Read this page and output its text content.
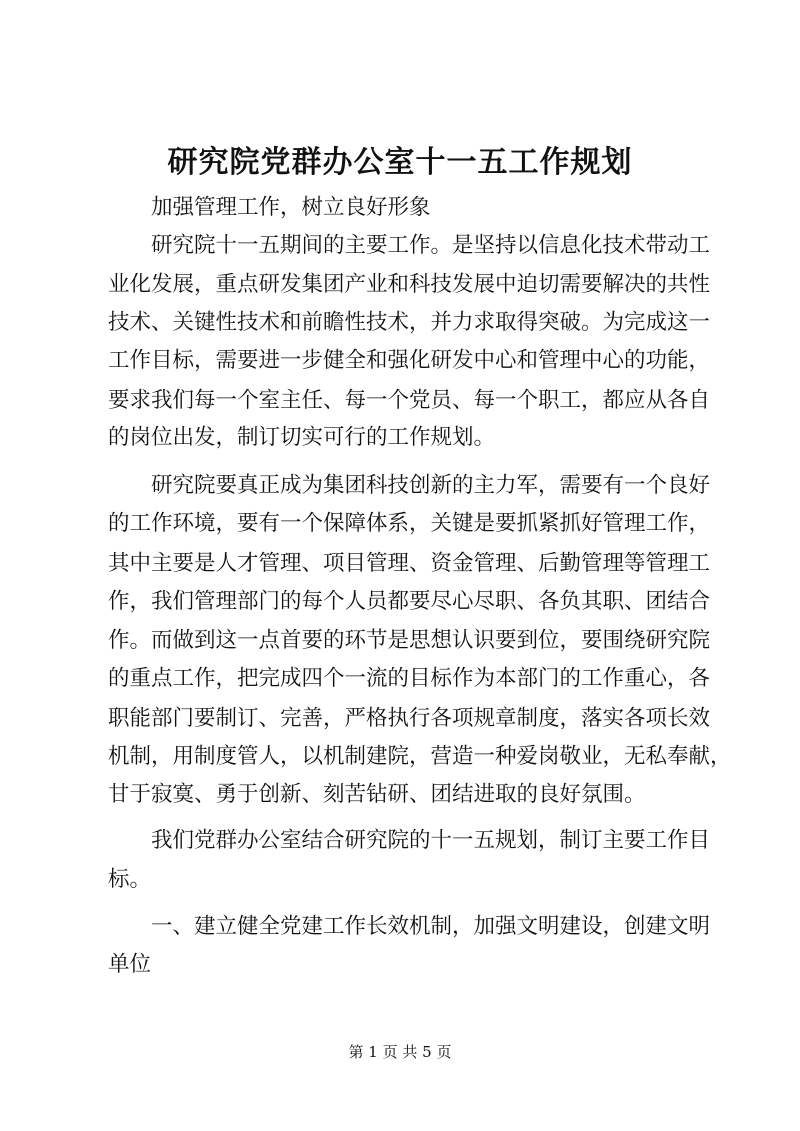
研究院党群办公室十一五工作规划
　　加强管理工作，树立良好形象
　　研究院十一五期间的主要工作。是坚持以信息化技术带动工
业化发展，重点研发集团产业和科技发展中迫切需要解决的共性
技术、关键性技术和前瞻性技术，并力求取得突破。为完成这一
工作目标，需要进一步健全和强化研发中心和管理中心的功能，
要求我们每一个室主任、每一个党员、每一个职工，都应从各自
的岗位出发，制订切实可行的工作规划。
　　研究院要真正成为集团科技创新的主力军，需要有一个良好
的工作环境，要有一个保障体系，关键是要抓紧抓好管理工作，
其中主要是人才管理、项目管理、资金管理、后勤管理等管理工
作，我们管理部门的每个人员都要尽心尽职、各负其职、团结合
作。而做到这一点首要的环节是思想认识要到位，要围绕研究院
的重点工作，把完成四个一流的目标作为本部门的工作重心，各
职能部门要制订、完善，严格执行各项规章制度，落实各项长效
机制，用制度管人，以机制建院，营造一种爱岗敬业，无私奉献，
甘于寂寞、勇于创新、刻苦钻研、团结进取的良好氛围。
　　我们党群办公室结合研究院的十一五规划，制订主要工作目
标。
　　一、建立健全党建工作长效机制，加强文明建设，创建文明
单位
第 1 页 共 5 页
